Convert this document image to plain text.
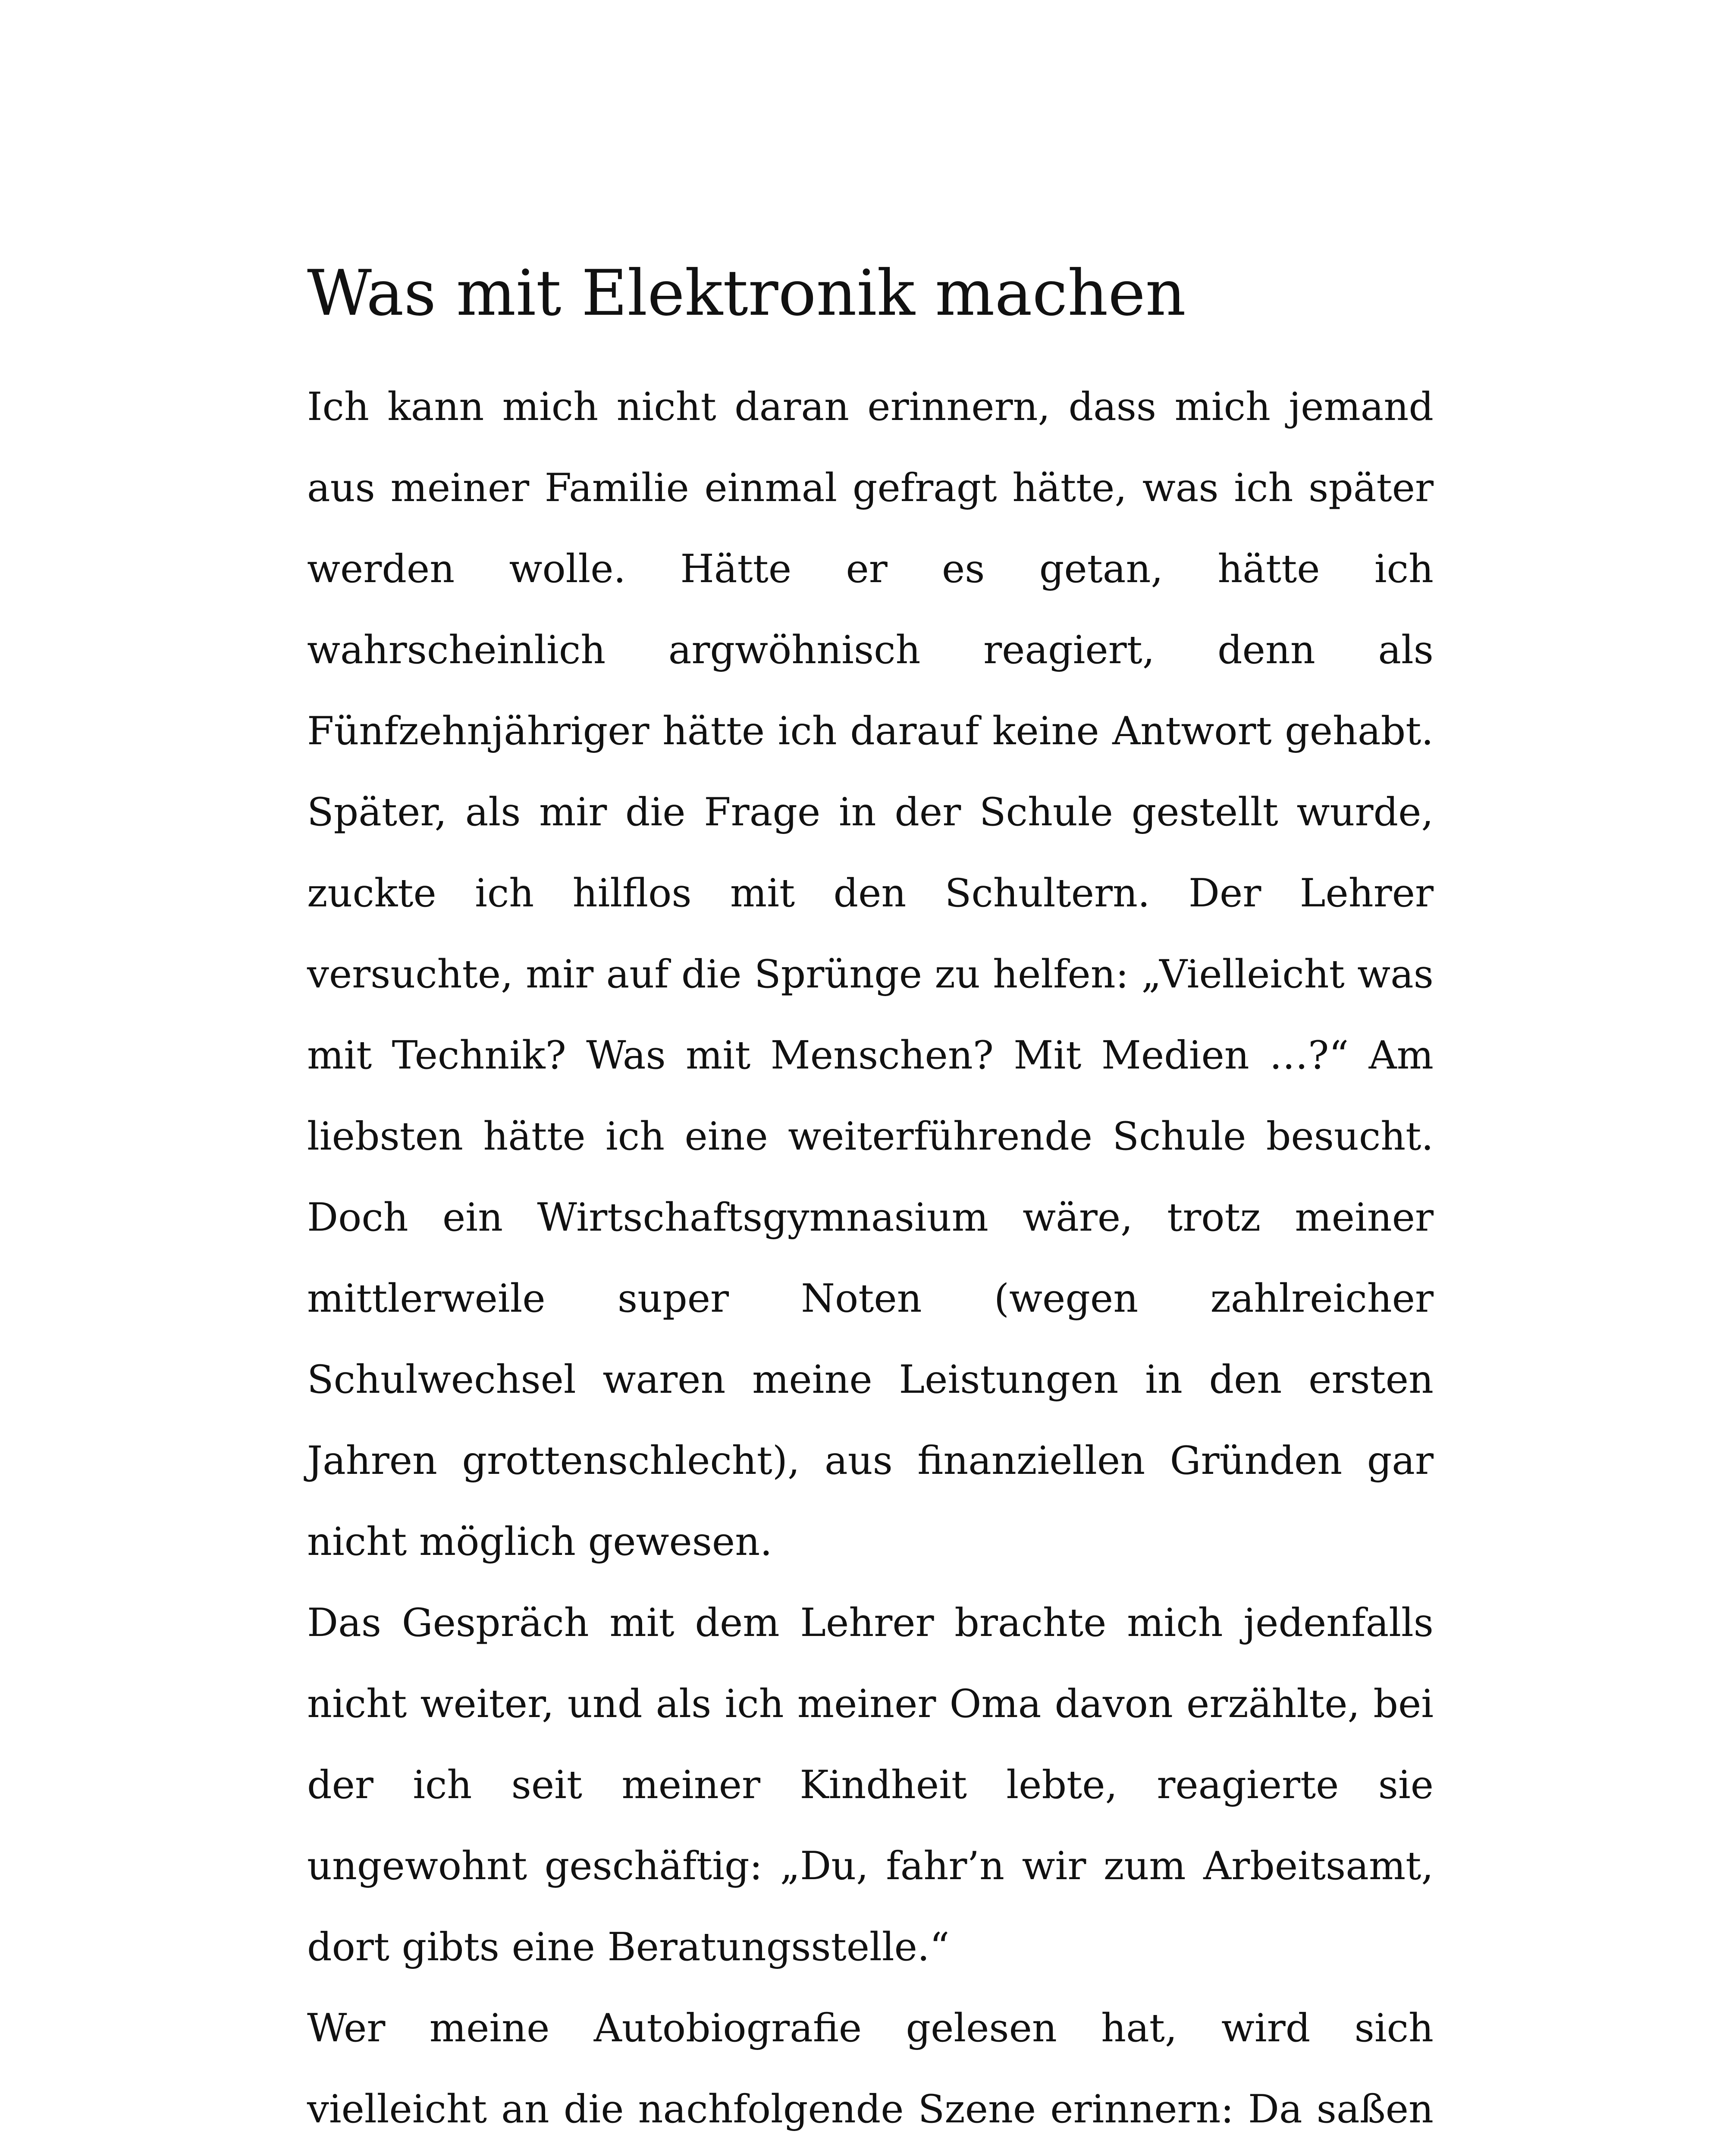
Was mit Elektronik machen

Ich kann mich nicht daran erinnern, dass mich jemand aus meiner Familie einmal gefragt hätte, was ich später werden wolle. Hätte er es getan, hätte ich wahrscheinlich argwöhnisch reagiert, denn als Fünfzehnjähriger hätte ich darauf keine Antwort gehabt. Später, als mir die Frage in der Schule gestellt wurde, zuckte ich hilflos mit den Schultern. Der Lehrer versuchte, mir auf die Sprünge zu helfen: „Vielleicht was mit Technik? Was mit Menschen? Mit Medien …?“ Am liebsten hätte ich eine weiterführende Schule besucht. Doch ein Wirtschaftsgymnasium wäre, trotz meiner mittlerweile super Noten (wegen zahlreicher Schulwechsel waren meine Leistungen in den ersten Jahren grottenschlecht), aus finanziellen Gründen gar nicht möglich gewesen.

Das Gespräch mit dem Lehrer brachte mich jedenfalls nicht weiter, und als ich meiner Oma davon erzählte, bei der ich seit meiner Kindheit lebte, reagierte sie ungewohnt geschäftig: „Du, fahr’n wir zum Arbeitsamt, dort gibts eine Beratungsstelle.“

Wer meine Autobiografie gelesen hat, wird sich vielleicht an die nachfolgende Szene erinnern: Da saßen
